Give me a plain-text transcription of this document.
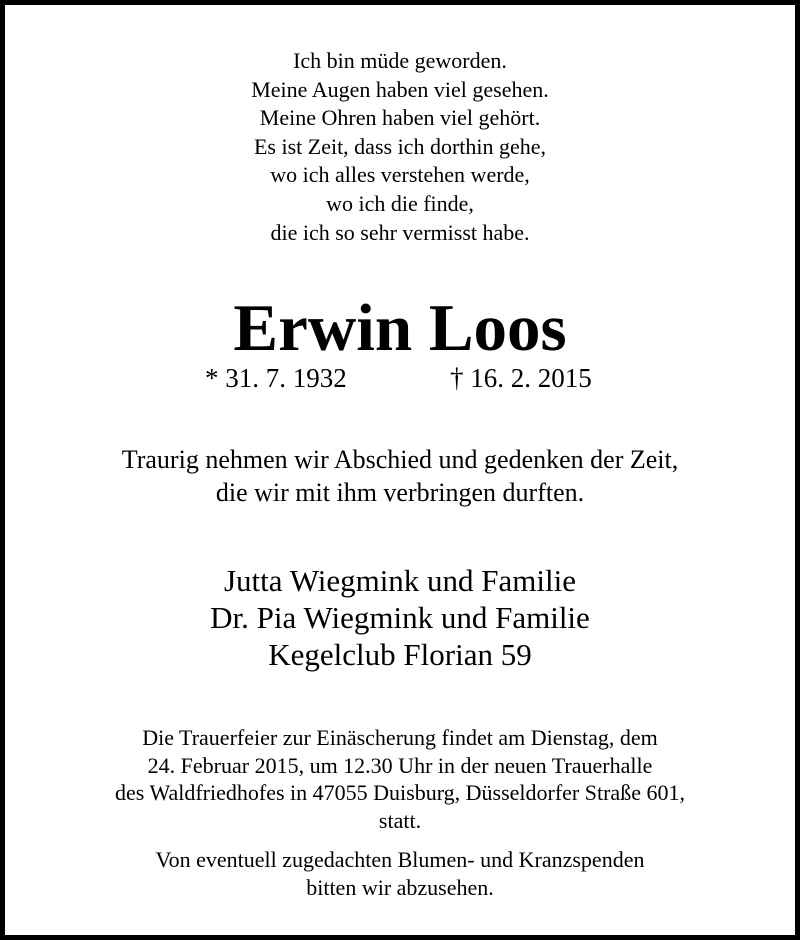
Ich bin müde geworden.
Meine Augen haben viel gesehen.
Meine Ohren haben viel gehört.
Es ist Zeit, dass ich dorthin gehe,
wo ich alles verstehen werde,
wo ich die finde,
die ich so sehr vermisst habe.
Erwin Loos
* 31. 7. 1932	† 16. 2. 2015
Traurig nehmen wir Abschied und gedenken der Zeit,
die wir mit ihm verbringen durften.
Jutta Wiegmink und Familie
Dr. Pia Wiegmink und Familie
Kegelclub Florian 59
Die Trauerfeier zur Einäscherung findet am Dienstag, dem
24. Februar 2015, um 12.30 Uhr in der neuen Trauerhalle
des Waldfriedhofes in 47055 Duisburg, Düsseldorfer Straße 601,
statt.
Von eventuell zugedachten Blumen- und Kranzspenden
bitten wir abzusehen.
